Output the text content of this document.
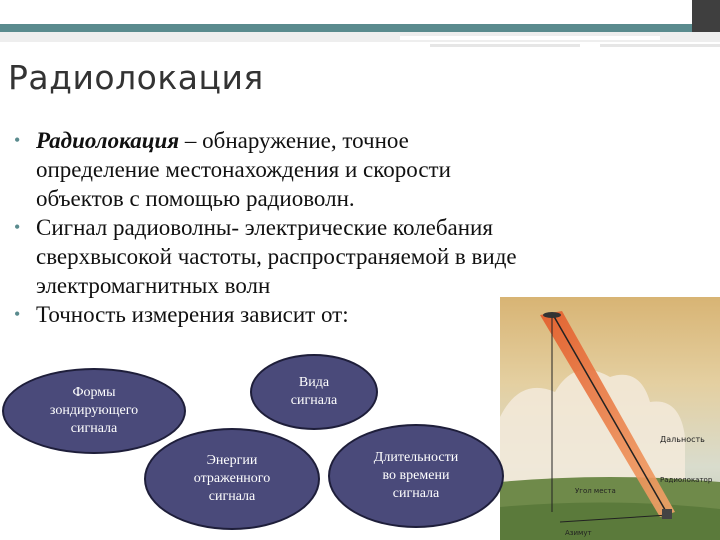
Радиолокация
• Радиолокация – обнаружение, точное
определение местонахождения и скорости
объектов с помощью радиоволн.
• Сигнал радиоволны- электрические колебания
сверхвысокой частоты, распространяемой в виде
электромагнитных волн
• Точность измерения зависит от:
Дальность
Радиолокатор
Угол места
Азимут
Формы
зондирующего
сигнала
Вида
сигнала
Энергии
отраженного
сигнала
Длительности
во времени
сигнала
